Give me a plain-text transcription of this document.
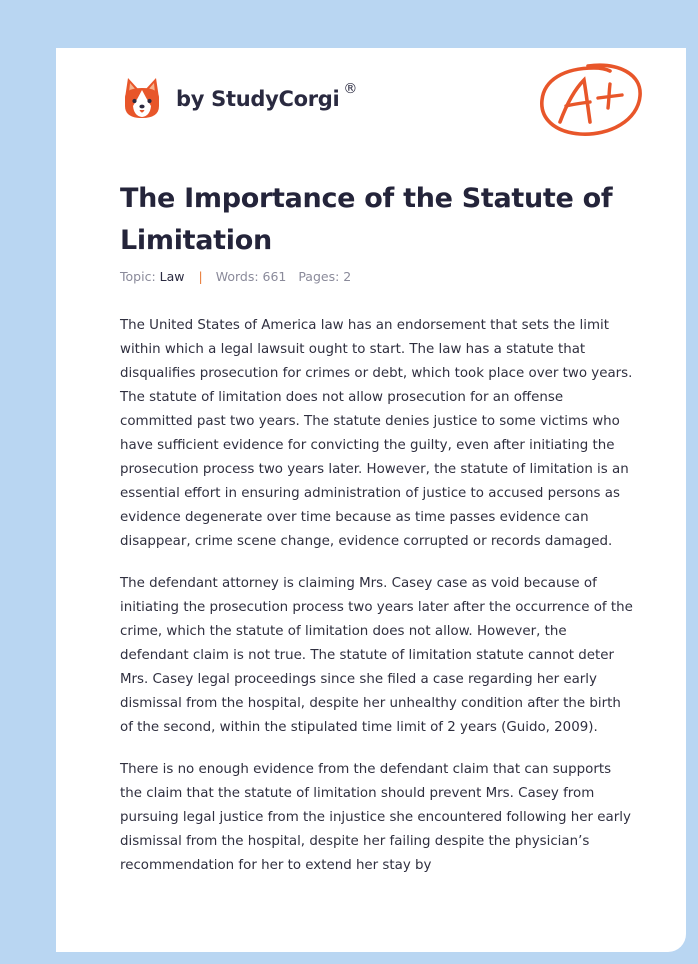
by StudyCorgi ®
A+
The Importance of the Statute of Limitation
Topic: Law | Words: 661 Pages: 2

The United States of America law has an endorsement that sets the limit within which a legal lawsuit ought to start. The law has a statute that disqualifies prosecution for crimes or debt, which took place over two years. The statute of limitation does not allow prosecution for an offense committed past two years. The statute denies justice to some victims who have sufficient evidence for convicting the guilty, even after initiating the prosecution process two years later. However, the statute of limitation is an essential effort in ensuring administration of justice to accused persons as evidence degenerate over time because as time passes evidence can disappear, crime scene change, evidence corrupted or records damaged.

The defendant attorney is claiming Mrs. Casey case as void because of initiating the prosecution process two years later after the occurrence of the crime, which the statute of limitation does not allow. However, the defendant claim is not true. The statute of limitation statute cannot deter Mrs. Casey legal proceedings since she filed a case regarding her early dismissal from the hospital, despite her unhealthy condition after the birth of the second, within the stipulated time limit of 2 years (Guido, 2009).

There is no enough evidence from the defendant claim that can supports the claim that the statute of limitation should prevent Mrs. Casey from pursuing legal justice from the injustice she encountered following her early dismissal from the hospital, despite her failing despite the physician’s recommendation for her to extend her stay by
